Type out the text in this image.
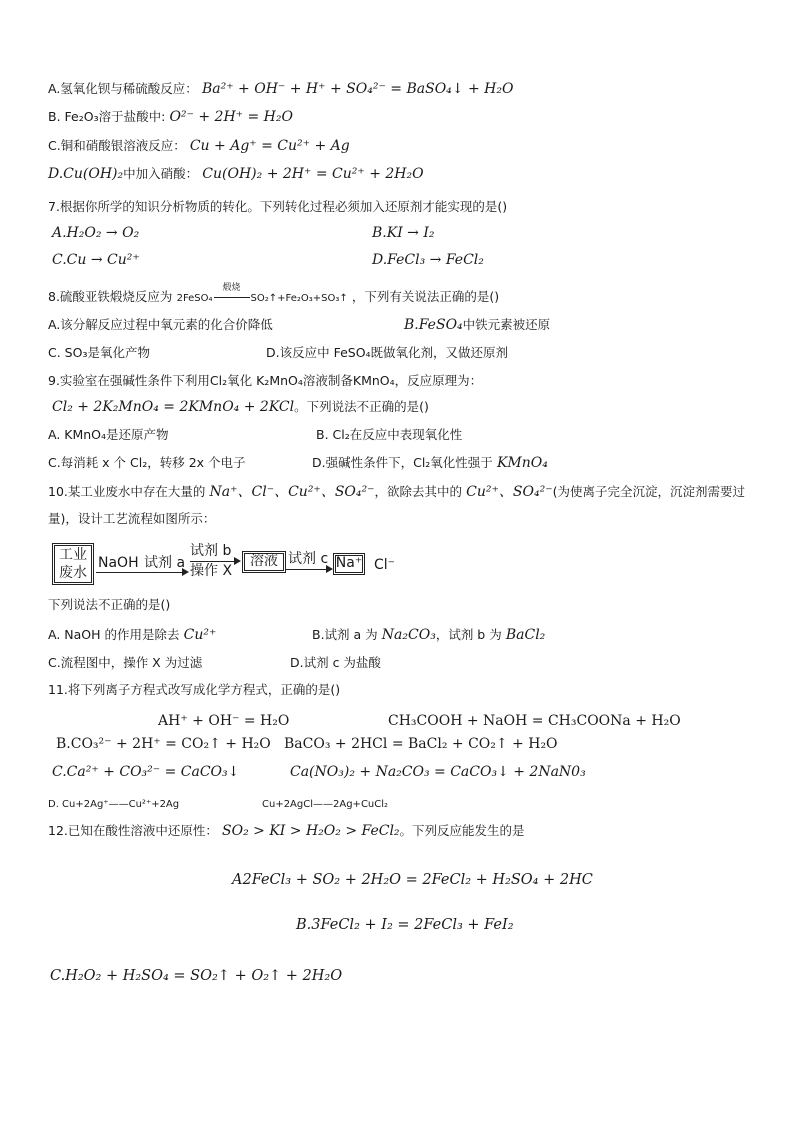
A.氢氧化钡与稀硫酸反应： Ba²⁺ + OH⁻ + H⁺ + SO₄²⁻ = BaSO₄↓ + H₂O
B. Fe₂O₃溶于盐酸中: O²⁻ + 2H⁺ = H₂O
C.铜和硝酸银溶液反应： Cu + Ag⁺ = Cu²⁺ + Ag
D.Cu(OH)₂中加入硝酸： Cu(OH)₂ + 2H⁺ = Cu²⁺ + 2H₂O
7.根据你所学的知识分析物质的转化。下列转化过程必须加入还原剂才能实现的是()
A.H₂O₂ → O₂	B.KI → I₂
C.Cu → Cu²⁺	D.FeCl₃ → FeCl₂
8.硫酸亚铁煅烧反应为 2FeSO₄
煅烧
SO₂↑+Fe₂O₃+SO₃↑ ，下列有关说法正确的是()
A.该分解反应过程中氧元素的化合价降低	B.FeSO₄中铁元素被还原
C. SO₃是氧化产物	D.该反应中 FeSO₄既做氧化剂，又做还原剂
9.实验室在强碱性条件下利用Cl₂氧化 K₂MnO₄溶液制备KMnO₄，反应原理为：
Cl₂ + 2K₂MnO₄ = 2KMnO₄ + 2KCl。下列说法不正确的是()
A. KMnO₄是还原产物	B. Cl₂在反应中表现氧化性
C.每消耗 x 个 Cl₂，转移 2x 个电子	D.强碱性条件下，Cl₂氧化性强于 KMnO₄
10.某工业废水中存在大量的 Na⁺、Cl⁻、Cu²⁺、SO₄²⁻，欲除去其中的 Cu²⁺、SO₄²⁻(为使离子完全沉淀，沉淀剂需要过
量)，设计工艺流程如图所示：
工业
废水
NaOH 试剂 a
试剂 b
操作 X
溶液 试剂 c Na⁺ Cl⁻
下列说法不正确的是()
A. NaOH 的作用是除去 Cu²⁺	B.试剂 a 为 Na₂CO₃，试剂 b 为 BaCl₂
C.流程图中，操作 X 为过滤	D.试剂 c 为盐酸
11.将下列离子方程式改写成化学方程式，正确的是()
AH⁺ + OH⁻ = H₂O	CH₃COOH + NaOH = CH₃COONa + H₂O
B.CO₃²⁻ + 2H⁺ = CO₂↑ + H₂O BaCO₃ + 2HCl = BaCl₂ + CO₂↑ + H₂O
C.Ca²⁺ + CO₃²⁻ = CaCO₃↓	Ca(NO₃)₂ + Na₂CO₃ = CaCO₃↓ + 2NaN0₃
D. Cu+2Ag⁺——Cu²⁺+2Ag	Cu+2AgCl——2Ag+CuCl₂
12.已知在酸性溶液中还原性： SO₂ > KI > H₂O₂ > FeCl₂。下列反应能发生的是
A2FeCl₃ + SO₂ + 2H₂O = 2FeCl₂ + H₂SO₄ + 2HC
B.3FeCl₂ + I₂ = 2FeCl₃ + FeI₂
C.H₂O₂ + H₂SO₄ = SO₂↑ + O₂↑ + 2H₂O
